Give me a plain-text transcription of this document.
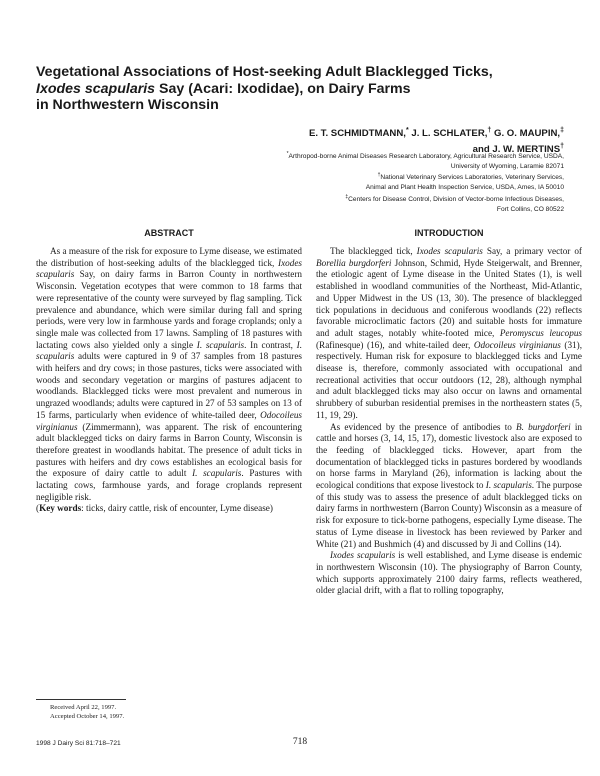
Vegetational Associations of Host-seeking Adult Blacklegged Ticks,
Ixodes scapularis Say (Acari: Ixodidae), on Dairy Farms
in Northwestern Wisconsin
E. T. SCHMIDTMANN,* J. L. SCHLATER,† G. O. MAUPIN,‡
and J. W. MERTINS†

*Arthropod-borne Animal Diseases Research Laboratory, Agricultural Research Service, USDA,

University of Wyoming, Laramie 82071

†National Veterinary Services Laboratories, Veterinary Services,

Animal and Plant Health Inspection Service, USDA, Ames, IA 50010

‡Centers for Disease Control, Division of Vector-borne Infectious Diseases,

Fort Collins, CO 80522

ABSTRACT	INTRODUCTION

As a measure of the risk for exposure to Lyme disease, we estimated the distribution of host-seeking adults of the blacklegged tick, Ixodes scapularis Say, on dairy farms in Barron County in northwestern Wisconsin. Vegetation ecotypes that were common to 18 farms that were representative of the county were surveyed by flag sampling. Tick prevalence and abundance, which were similar during fall and spring periods, were very low in farmhouse yards and forage croplands; only a single male was collected from 17 lawns. Sampling of 18 pastures with lactating cows also yielded only a single I. scapularis. In contrast, I. scapularis adults were captured in 9 of 37 samples from 18 pastures with heifers and dry cows; in those pastures, ticks were associated with woods and secondary vegetation or margins of pastures adjacent to woodlands. Blacklegged ticks were most prevalent and numerous in ungrazed woodlands; adults were captured in 27 of 53 samples on 13 of 15 farms, particularly when evidence of white-tailed deer, Odocoileus virginianus (Zimmermann), was apparent. The risk of encountering adult blacklegged ticks on dairy farms in Barron County, Wisconsin is therefore greatest in woodlands habitat. The presence of adult ticks in pastures with heifers and dry cows establishes an ecological basis for the exposure of dairy cattle to adult I. scapularis. Pastures with lactating cows, farmhouse yards, and forage croplands represent negligible risk.

(Key words: ticks, dairy cattle, risk of encounter, Lyme disease)

The blacklegged tick, Ixodes scapularis Say, a primary vector of Borellia burgdorferi Johnson, Schmid, Hyde Steigerwalt, and Brenner, the etiologic agent of Lyme disease in the United States (1), is well established in woodland communities of the Northeast, Mid-Atlantic, and Upper Midwest in the US (13, 30). The presence of blacklegged tick populations in deciduous and coniferous woodlands (22) reflects favorable microclimatic factors (20) and suitable hosts for immature and adult stages, notably white-footed mice, Peromyscus leucopus (Rafinesque) (16), and white-tailed deer, Odocoileus virginianus (31), respectively. Human risk for exposure to blacklegged ticks and Lyme disease is, therefore, commonly associated with occupational and recreational activities that occur outdoors (12, 28), although nymphal and adult blacklegged ticks may also occur on lawns and ornamental shrubbery of suburban residential premises in the northeastern states (5, 11, 19, 29).

As evidenced by the presence of antibodies to B. burgdorferi in cattle and horses (3, 14, 15, 17), domestic livestock also are exposed to the feeding of blacklegged ticks. However, apart from the documentation of blacklegged ticks in pastures bordered by woodlands on horse farms in Maryland (26), information is lacking about the ecological conditions that expose livestock to I. scapularis. The purpose of this study was to assess the presence of adult blacklegged ticks on dairy farms in northwestern (Barron County) Wisconsin as a measure of risk for exposure to tick-borne pathogens, especially Lyme disease. The status of Lyme disease in livestock has been reviewed by Parker and White (21) and Bushmich (4) and discussed by Ji and Collins (14).

Ixodes scapularis is well established, and Lyme disease is endemic in northwestern Wisconsin (10). The physiography of Barron County, which supports approximately 2100 dairy farms, reflects weathered, older glacial drift, with a flat to rolling topography,

Received April 22, 1997.
Accepted October 14, 1997.
1998 J Dairy Sci 81:718–721	718
